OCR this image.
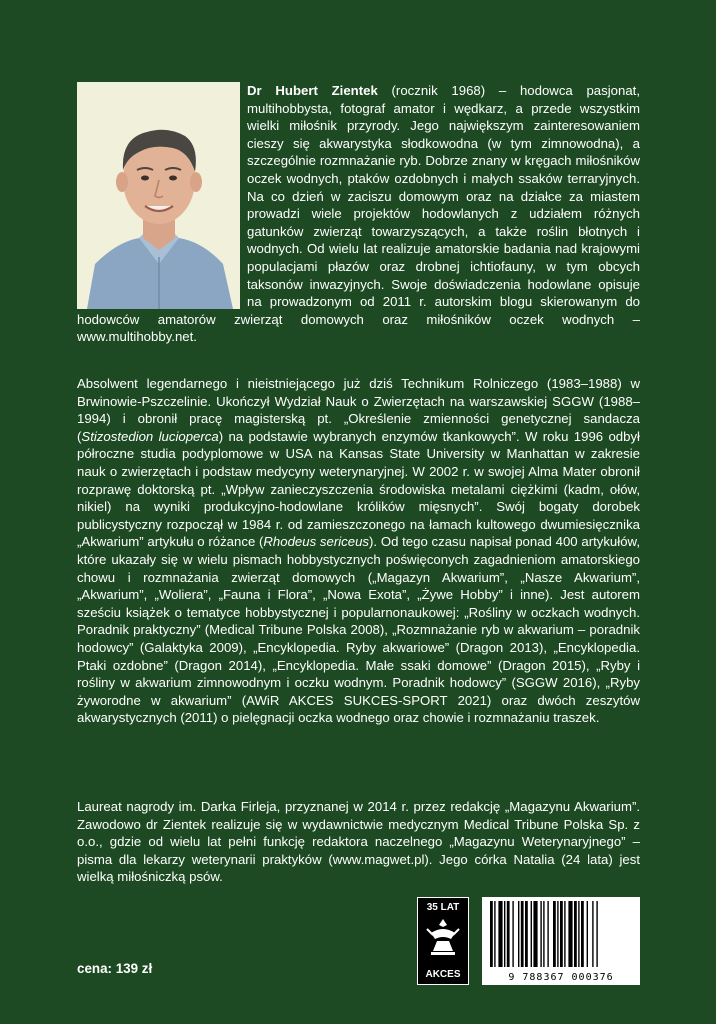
Dr Hubert Zientek (rocznik 1968) – hodowca pasjonat, multihobbysta, fotograf amator i wędkarz, a przede wszystkim wielki miłośnik przyrody. Jego największym zainteresowaniem cieszy się akwarystyka słodkowodna (w tym zimnowodna), a szczególnie rozmnażanie ryb. Dobrze znany w kręgach miłośników oczek wodnych, ptaków ozdobnych i małych ssaków terraryjnych. Na co dzień w zaciszu domowym oraz na działce za miastem prowadzi wiele projektów hodowlanych z udziałem różnych gatunków zwierząt towarzyszących, a także roślin błotnych i wodnych. Od wielu lat realizuje amatorskie badania nad krajowymi populacjami płazów oraz drobnej ichtiofauny, w tym obcych taksonów inwazyjnych. Swoje doświadczenia hodowlane opisuje na prowadzonym od 2011 r. autorskim blogu skierowanym do hodowców amatorów zwierząt domowych oraz miłośników oczek wodnych – www.multihobby.net.

Absolwent legendarnego i nieistniejącego już dziś Technikum Rolniczego (1983–1988) w Brwinowie-Pszczelinie. Ukończył Wydział Nauk o Zwierzętach na warszawskiej SGGW (1988–1994) i obronił pracę magisterską pt. „Określenie zmienności genetycznej sandacza (Stizostedion lucioperca) na podstawie wybranych enzymów tkankowych”. W roku 1996 odbył półroczne studia podyplomowe w USA na Kansas State University w Manhattan w zakresie nauk o zwierzętach i podstaw medycyny weterynaryjnej. W 2002 r. w swojej Alma Mater obronił rozprawę doktorską pt. „Wpływ zanieczyszczenia środowiska metalami ciężkimi (kadm, ołów, nikiel) na wyniki produkcyjno-hodowlane królików mięsnych”. Swój bogaty dorobek publicystyczny rozpoczął w 1984 r. od zamieszczonego na łamach kultowego dwumiesięcznika „Akwarium” artykułu o różance (Rhodeus sericeus). Od tego czasu napisał ponad 400 artykułów, które ukazały się w wielu pismach hobbystycznych poświęconych zagadnieniom amatorskiego chowu i rozmnażania zwierząt domowych („Magazyn Akwarium”, „Nasze Akwarium”, „Akwarium”, „Woliera”, „Fauna i Flora”, „Nowa Exota”, „Żywe Hobby” i inne). Jest autorem sześciu książek o tematyce hobbystycznej i popularnonaukowej: „Rośliny w oczkach wodnych. Poradnik praktyczny” (Medical Tribune Polska 2008), „Rozmnażanie ryb w akwarium – poradnik hodowcy” (Galaktyka 2009), „Encyklopedia. Ryby akwariowe” (Dragon 2013), „Encyklopedia. Ptaki ozdobne” (Dragon 2014), „Encyklopedia. Małe ssaki domowe” (Dragon 2015), „Ryby i rośliny w akwarium zimnowodnym i oczku wodnym. Poradnik hodowcy” (SGGW 2016), „Ryby żyworodne w akwarium” (AWiR AKCES SUKCES-SPORT 2021) oraz dwóch zeszytów akwarystycznych (2011) o pielęgnacji oczka wodnego oraz chowie i rozmnażaniu traszek.

Laureat nagrody im. Darka Firleja, przyznanej w 2014 r. przez redakcję „Magazynu Akwarium”. Zawodowo dr Zientek realizuje się w wydawnictwie medycznym Medical Tribune Polska Sp. z o.o., gdzie od wielu lat pełni funkcję redaktora naczelnego „Magazynu Weterynaryjnego” – pisma dla lekarzy weterynarii praktyków (www.magwet.pl). Jego córka Natalia (24 lata) jest wielką miłośniczką psów.

cena: 139 zł
35 LAT
AKCES	9 788367 000376
